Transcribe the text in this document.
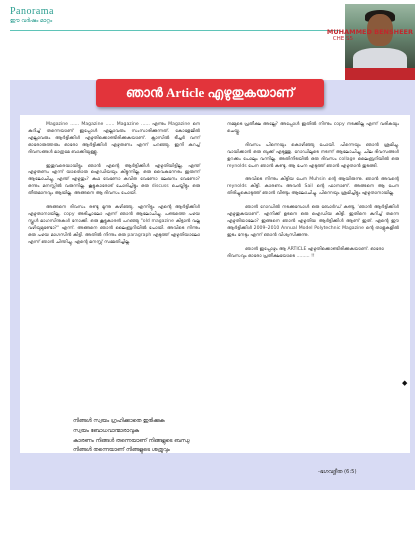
Panorama
ഈ വർഷം മാറ്റം
MUHAMMED BENSHEER
CHE S5
ഞാൻ Article എഴുതുകയാണ്

Magazine ...... Magazine ...... Magazine ...... എന്നും Magazine നെ കുറിച്ച് തന്നെയാണ് ഇപ്പോൾ എല്ലാവരും സംസാരിക്കുന്നത്. കോളേജിൽ എല്ലാവരും ആർട്ടിക്കിൾ എഴുതിക്കൊണ്ടിരിക്കുകയാണ്. ക്ലാസിൽ ടീച്ചർ വന്ന് ഓരോരുത്തരും ഓരോ ആർട്ടിക്കിൾ എഴുതണം എന്ന് പറഞ്ഞു. ഇനി കുറച്ച് ദിവസങ്ങൾ മാത്രമേ ബാക്കിയുള്ളൂ.

ഇതുവരെയായിട്ടും ഞാൻ എന്റെ ആർട്ടിക്കിൾ എഴുതിയിട്ടില്ല. എന്ത് എഴുതണം എന്ന് യാതൊരു ഐഡിയയും കിട്ടുന്നില്ല. ഒരു വൈകുന്നേരം ഇരുന്ന് ആലോചിച്ചു, എന്ത് എഴുതും? കഥ വേണോ കവിത വേണോ ലേഖനം വേണോ? ഒന്നും മനസ്സിൽ വരുന്നില്ല. കൂട്ടുകാരോട് ചോദിച്ചിട്ടും ഒരു discuss ചെയ്തിട്ടും ഒരു തീരുമാനവും ആയില്ല. അങ്ങനെ ആ ദിവസം പോയി.

അങ്ങനെ ദിവസം രണ്ടു മൂന്നു കഴിഞ്ഞു. എന്നിട്ടും എന്റെ ആർട്ടിക്കിൾ എഴുതാനായില്ല. copy അടിച്ചാലോ എന്ന് ഞാൻ ആലോചിച്ചു. പണ്ടത്തെ പഴയ സ്കൂൾ മാഗസിനുകൾ നോക്കി. ഒരു കൂട്ടുകാരൻ പറഞ്ഞു "old magazine കിട്ടാൻ വല്ല വഴിയുമുണ്ടോ?" എന്ന്. അങ്ങനെ ഞാൻ ലൈബ്രറിയിൽ പോയി. അവിടെ നിന്നും ഒരു പഴയ മാഗസിൻ കിട്ടി. അതിൽ നിന്നും ഒരു paragraph എടുത്ത് എഴുതിയാലോ എന്ന് ഞാൻ ചിന്തിച്ചു. എന്റെ മനസ്സ് സമ്മതിച്ചില്ല.

നമ്മുടെ പ്രതീക്ഷ അല്ലേ? അപ്പോൾ ഇതിൽ നിന്നും copy നടക്കില്ല എന്ന് വരികയും ചെയ്തു.

ദിവസം പിന്നെയും കൊഴിഞ്ഞു പോയി. പിന്നെയും ഞാൻ ശ്രമിച്ചു. വായിക്കാൻ ഒരു ബുക്ക് എടുത്തു. റോഡിലൂടെ നടന്ന് ആലോചിച്ചു. ചില ദിവസങ്ങൾ ഉറക്കം പോലും വന്നില്ല. അതിനിടയിൽ ഒരു ദിവസം collage ലൈബ്രറിയിൽ ഒരു reynolds പേന ഞാൻ കണ്ടു. ആ പേന എടുത്ത് ഞാൻ എഴുതാൻ തുടങ്ങി.

അവിടെ നിന്നും കിട്ടിയ പേന Muhsin ന്റെ ആയിരുന്നു. ഞാൻ അവന്റെ reynolds കിട്ടി. കാരണം അവൻ Sail ന്റെ ഫാനാണ്. അങ്ങനെ ആ പേന തിരിച്ചുകൊടുത്ത് ഞാൻ വീണ്ടും ആലോചിച്ചു. പിന്നെയും ശ്രമിച്ചിട്ടും എഴുതാനായില്ല.

ഞാൻ റോഡിൽ നടക്കുമ്പോൾ ഒരു ബോർഡ് കണ്ടു, 'ഞാൻ ആർട്ടിക്കിൾ എഴുതുകയാണ്'. എനിക്ക് ഉടനെ ഒരു ഐഡിയ കിട്ടി. ഇതിനെ കുറിച്ച് തന്നെ എഴുതിയാലോ? ഇങ്ങനെ ഞാൻ എഴുതിയ ആർട്ടിക്കിൾ ആണ് ഇത്. എന്റെ ഈ ആർട്ടിക്കിൾ 2009–2010 Annual Model Polytechnic Magazine ന്റെ താളുകളിൽ ഇടം നേടും എന്ന് ഞാൻ വിശ്വസിക്കുന്നു.

ഞാൻ ഇപ്പോഴും ആ ARTICLE എഴുതിക്കൊണ്ടിരിക്കുകയാണ്. ഓരോ ദിവസവും ഓരോ പ്രതീക്ഷയോടെ ......... !!

◆
നിങ്ങൾ സ്വയം ഗ്രഹിക്കാതെ ഇരിക്കുക
സ്വയം ബോധവാന്മാരാവുക
കാരണം നിങ്ങൾ തന്നെയാണ് നിങ്ങളുടെ ബന്ധു
നിങ്ങൾ തന്നെയാണ് നിങ്ങളുടെ ശത്രുവും
-ഭഗവദ്ഗീത (6:5)
